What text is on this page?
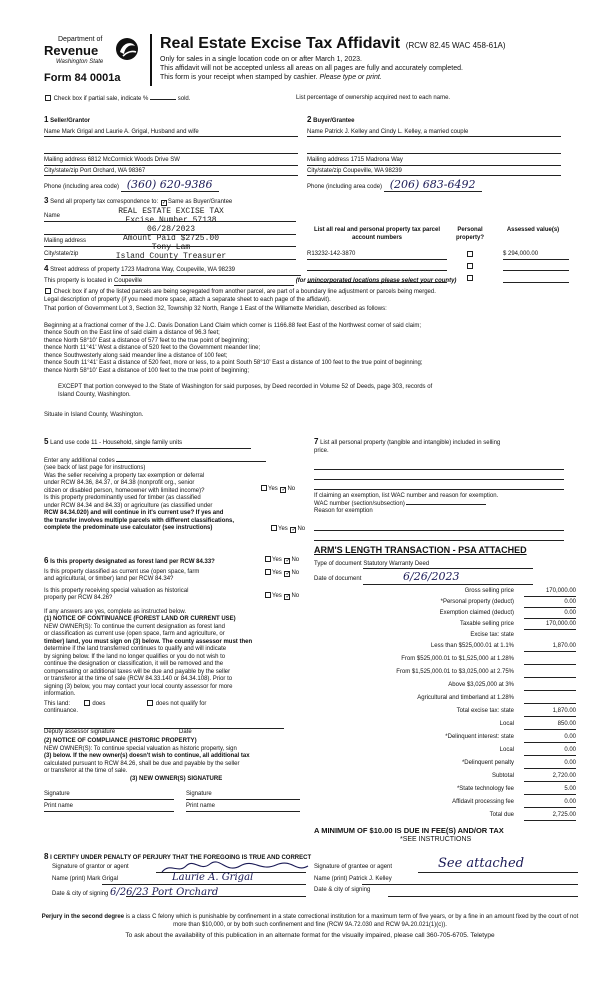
Department of
Revenue
Washington State
Form 84 0001a
Real Estate Excise Tax Affidavit (RCW 82.45 WAC 458-61A)
Only for sales in a single location code on or after March 1, 2023.
This affidavit will not be accepted unless all areas on all pages are fully and accurately completed.
This form is your receipt when stamped by cashier. Please type or print.
Check box if partial sale, indicate %	sold.	List percentage of ownership acquired next to each name.
1 Seller/Grantor
Name Mark Grigal and Laurie A. Grigal, Husband and wife
Mailing address 6812 McCormick Woods Drive SW
City/state/zip Port Orchard, WA 98367
Phone (including area code) (360) 620-9386
2 Buyer/Grantee
Name Patrick J. Kelley and Cindy L. Kelley, a married couple
Mailing address 1715 Madrona Way
City/state/zip Coupeville, WA 98239
Phone (including area code) (206) 683-6492
3 Send all property tax correspondence to: ✓Same as Buyer/Grantee
Name
Mailing address
City/state/zip
REAL ESTATE EXCISE TAX
Excise Number 57138
06/28/2023
Amount Paid $2725.00
Tony Lam
Island County Treasurer
List all real and personal property tax parcel account numbers
Personal property?
Assessed value(s)
R13232-142-3870	$ 294,000.00
4 Street address of property 1723 Madrona Way, Coupeville, WA 98239
This property is located in Coupeville	(for unincorporated locations please select your county)
Check box if any of the listed parcels are being segregated from another parcel, are part of a boundary line adjustment or parcels being merged.
Legal description of property (if you need more space, attach a separate sheet to each page of the affidavit).
That portion of Government Lot 3, Section 32, Township 32 North, Range 1 East of the Willamette Meridian, described as follows:
Beginning at a fractional corner of the J.C. Davis Donation Land Claim which corner is 1166.88 feet East of the Northwest corner of said claim;
thence South on the East line of said claim a distance of 96.3 feet;
thence North 58°10' East a distance of 577 feet to the true point of beginning;
thence North 11°41' West a distance of 520 feet to the Government meander line;
thence Southwesterly along said meander line a distance of 100 feet;
thence South 11°41' East a distance of 520 feet, more or less, to a point South 58°10' East a distance of 100 feet to the true point of beginning;
thence North 58°10' East a distance of 100 feet to the true point of beginning;
EXCEPT that portion conveyed to the State of Washington for said purposes, by Deed recorded in Volume 52 of Deeds, page 303, records of
Island County, Washington.
Situate in Island County, Washington.
5 Land use code 11 - Household, single family units
Enter any additional codes
(see back of last page for instructions)
Was the seller receiving a property tax exemption or deferral
under RCW 84.36, 84.37, or 84.38 (nonprofit org., senior
citizen or disabled person, homeowner with limited income)?	Yes ✓No
Is this property predominantly used for timber (as classified
under RCW 84.34 and 84.33) or agriculture (as classified under
RCW 84.34.020) and will continue in it's current use? If yes and
the transfer involves multiple parcels with different classifications,
complete the predominate use calculator (see instructions)	Yes ✓No
6 Is this property designated as forest land per RCW 84.33?	Yes ✓No
Is this property classified as current use (open space, farm
and agricultural, or timber) land per RCW 84.34?
Yes ✓No
Is this property receiving special valuation as historical
property per RCW 84.26?	Yes ✓No
If any answers are yes, complete as instructed below.
(1) NOTICE OF CONTINUANCE (FOREST LAND OR CURRENT USE)
NEW OWNER(S): To continue the current designation as forest land
or classification as current use (open space, farm and agriculture, or
timber) land, you must sign on (3) below. The county assessor must then
determine if the land transferred continues to qualify and will indicate
by signing below. If the land no longer qualifies or you do not wish to
continue the designation or classification, it will be removed and the
compensating or additional taxes will be due and payable by the seller
or transferor at the time of sale (RCW 84.33.140 or 84.34.108). Prior to
signing (3) below, you may contact your local county assessor for more
information.
This land:	does	does not qualify for
continuance.
Deputy assessor signature	Date
(2) NOTICE OF COMPLIANCE (HISTORIC PROPERTY)
NEW OWNER(S): To continue special valuation as historic property, sign
(3) below. If the new owner(s) doesn't wish to continue, all additional tax
calculated pursuant to RCW 84.26, shall be due and payable by the seller
or transferor at the time of sale.
(3) NEW OWNER(S) SIGNATURE
Signature	Signature
Print name	Print name
7 List all personal property (tangible and intangible) included in selling
price.
If claiming an exemption, list WAC number and reason for exemption.
WAC number (section/subsection)
Reason for exemption
ARM'S LENGTH TRANSACTION - PSA ATTACHED
Type of document Statutory Warranty Deed
Date of document	6/26/2023
Gross selling price	170,000.00
*Personal property (deduct)	0.00
Exemption claimed (deduct)	0.00
Taxable selling price	170,000.00
Excise tax: state
Less than $525,000.01 at 1.1%	1,870.00
From $525,000.01 to $1,525,000 at 1.28%
From $1,525,000.01 to $3,025,000 at 2.75%
Above $3,025,000 at 3%
Agricultural and timberland at 1.28%
Total excise tax: state	1,870.00
Local	850.00
*Delinquent interest: state	0.00
Local	0.00
*Delinquent penalty	0.00
Subtotal	2,720.00
*State technology fee	5.00
Affidavit processing fee	0.00
Total due	2,725.00
A MINIMUM OF $10.00 IS DUE IN FEE(S) AND/OR TAX
*SEE INSTRUCTIONS
8 I CERTIFY UNDER PENALTY OF PERJURY THAT THE FOREGOING IS TRUE AND CORRECT
Signature of grantor or agent
Name (print) Mark Grigal	Laurie A. Grigal
Date & city of signing 6/26/23 Port Orchard
Signature of grantee or agent	See attached
Name (print) Patrick J. Kelley
Date & city of signing
Perjury in the second degree is a class C felony which is punishable by confinement in a state correctional institution for a maximum term of five years, or by a fine in an amount fixed by the court of not more than $10,000, or by both such confinement and fine (RCW 9A.72.030 and RCW 9A.20.021(1)(c)).
To ask about the availability of this publication in an alternate format for the visually impaired, please call 360-705-6705. Teletype
